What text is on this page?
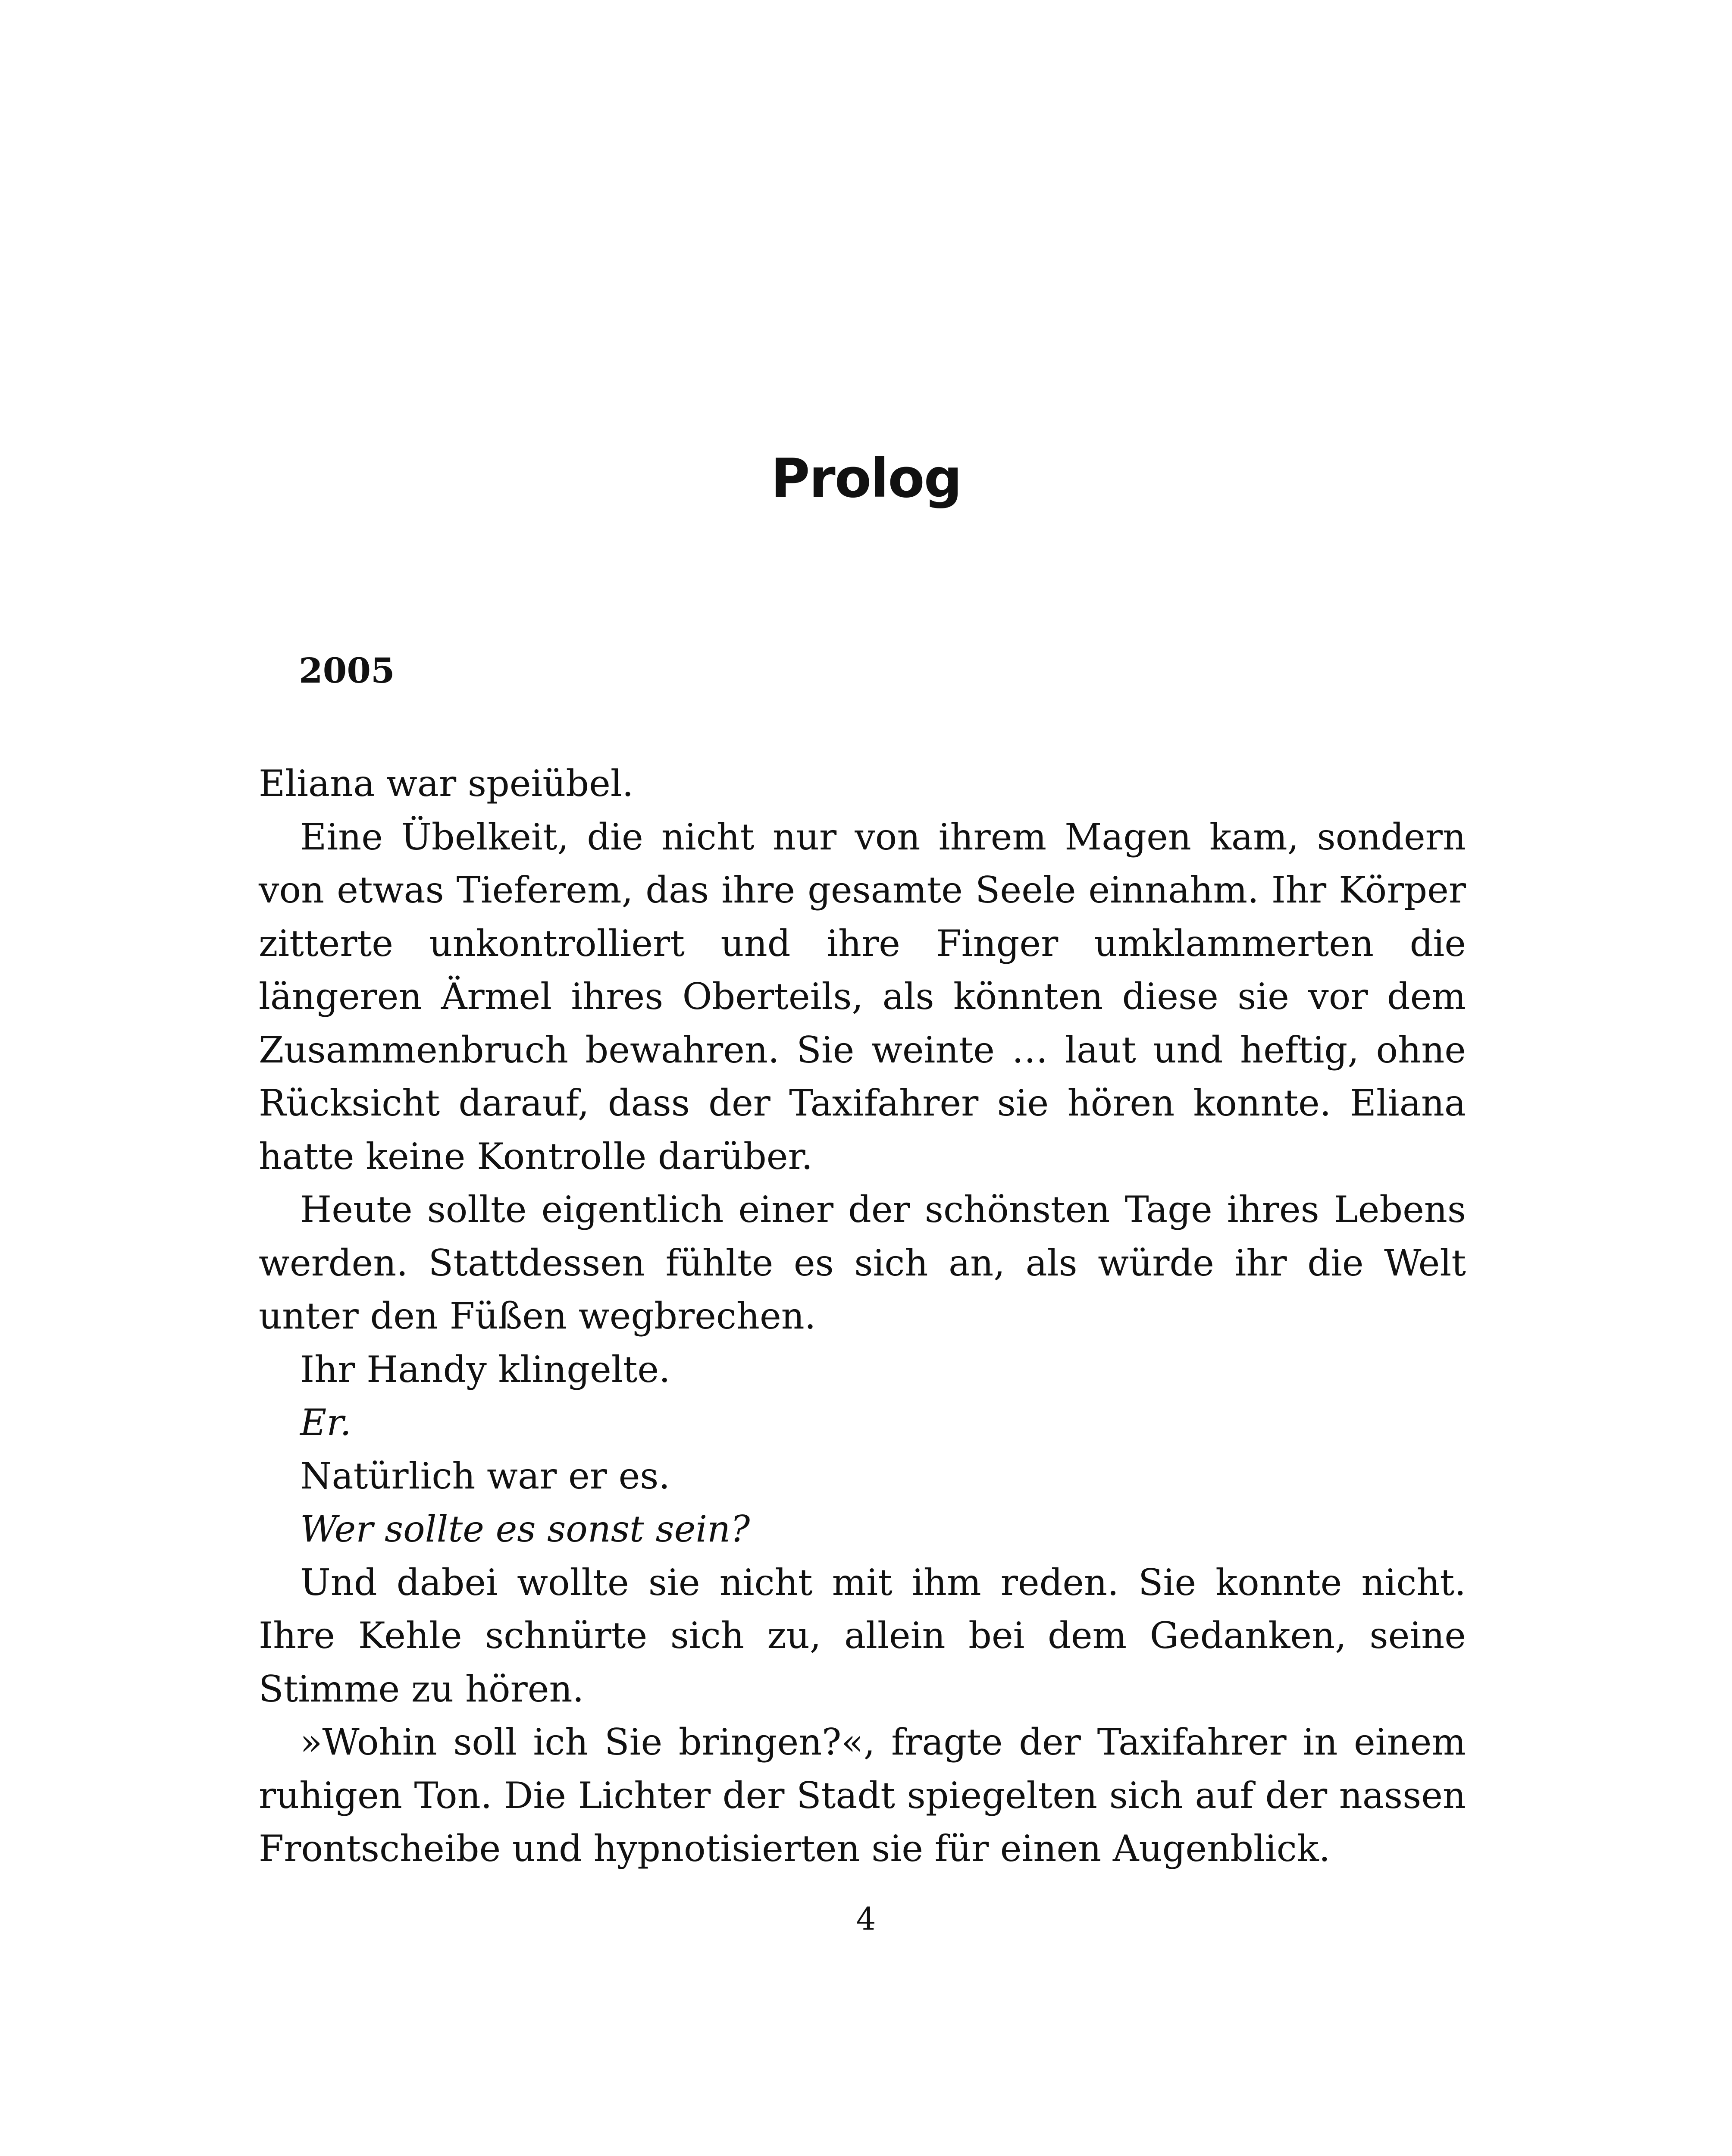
Prolog
2005

Eliana war speiübel.

Eine Übelkeit, die nicht nur von ihrem Magen kam, sondern von etwas Tieferem, das ihre gesamte Seele einnahm. Ihr Körper zitterte unkontrolliert und ihre Finger umklammerten die längeren Ärmel ihres Oberteils, als könnten diese sie vor dem Zusammenbruch bewahren. Sie weinte … laut und heftig, ohne Rücksicht darauf, dass der Taxifahrer sie hören konnte. Eliana hatte keine Kontrolle darüber.

Heute sollte eigentlich einer der schönsten Tage ihres Lebens werden. Stattdessen fühlte es sich an, als würde ihr die Welt unter den Füßen wegbrechen.

Ihr Handy klingelte.

Er.

Natürlich war er es.

Wer sollte es sonst sein?

Und dabei wollte sie nicht mit ihm reden. Sie konnte nicht. Ihre Kehle schnürte sich zu, allein bei dem Gedanken, seine Stimme zu hören.

»Wohin soll ich Sie bringen?«, fragte der Taxifahrer in einem ruhigen Ton. Die Lichter der Stadt spiegelten sich auf der nassen Frontscheibe und hypnotisierten sie für einen Augenblick.

4
